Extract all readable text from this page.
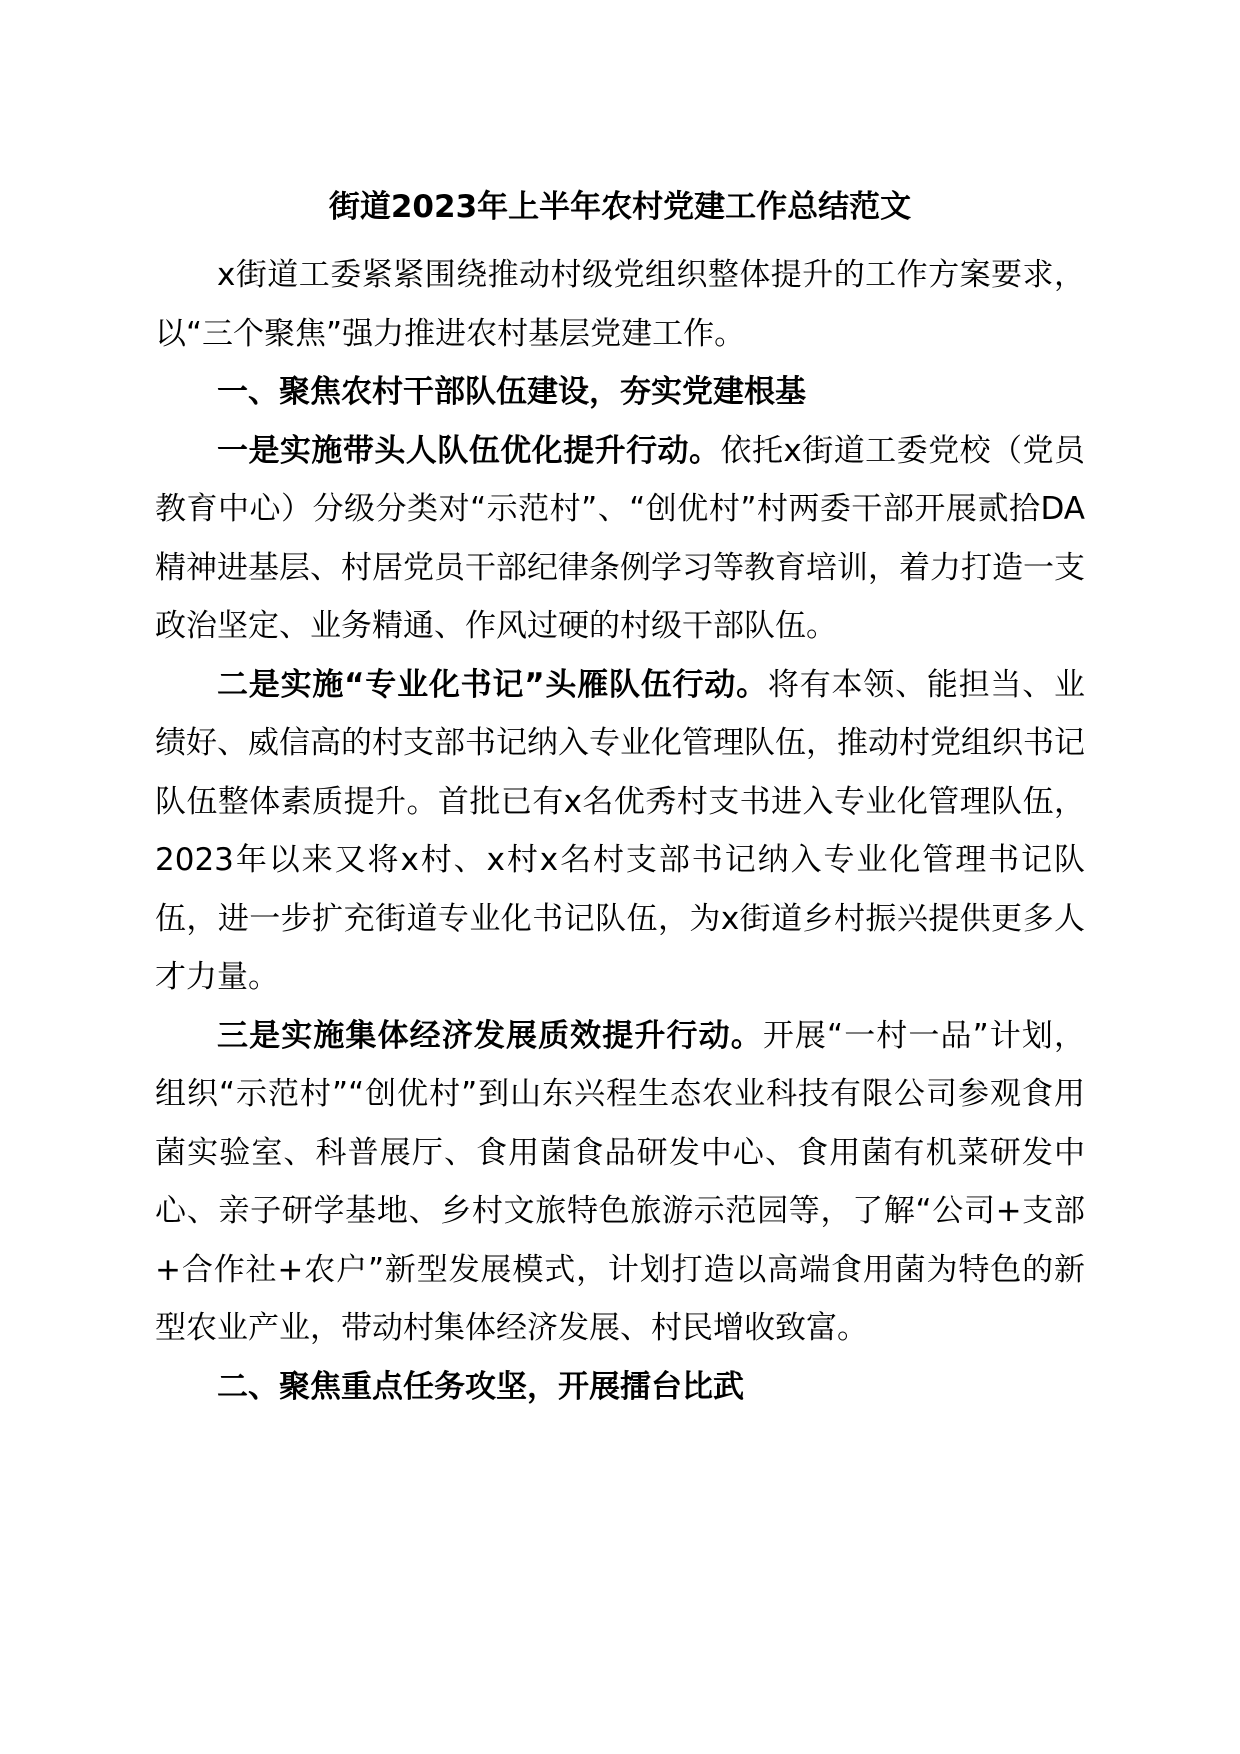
街道2023年上半年农村党建工作总结范文

x街道工委紧紧围绕推动村级党组织整体提升的工作方案要求，以“三个聚焦”强力推进农村基层党建工作。

一、聚焦农村干部队伍建设，夯实党建根基

一是实施带头人队伍优化提升行动。依托x街道工委党校（党员教育中心）分级分类对“示范村”、“创优村”村两委干部开展贰拾DA精神进基层、村居党员干部纪律条例学习等教育培训，着力打造一支政治坚定、业务精通、作风过硬的村级干部队伍。

二是实施“专业化书记”头雁队伍行动。将有本领、能担当、业绩好、威信高的村支部书记纳入专业化管理队伍，推动村党组织书记队伍整体素质提升。首批已有x名优秀村支书进入专业化管理队伍，2023年以来又将x村、x村x名村支部书记纳入专业化管理书记队伍，进一步扩充街道专业化书记队伍，为x街道乡村振兴提供更多人才力量。

三是实施集体经济发展质效提升行动。开展“一村一品”计划，组织“示范村”“创优村”到山东兴程生态农业科技有限公司参观食用菌实验室、科普展厅、食用菌食品研发中心、食用菌有机菜研发中心、亲子研学基地、乡村文旅特色旅游示范园等，了解“公司+支部+合作社+农户”新型发展模式，计划打造以高端食用菌为特色的新型农业产业，带动村集体经济发展、村民增收致富。

二、聚焦重点任务攻坚，开展擂台比武
